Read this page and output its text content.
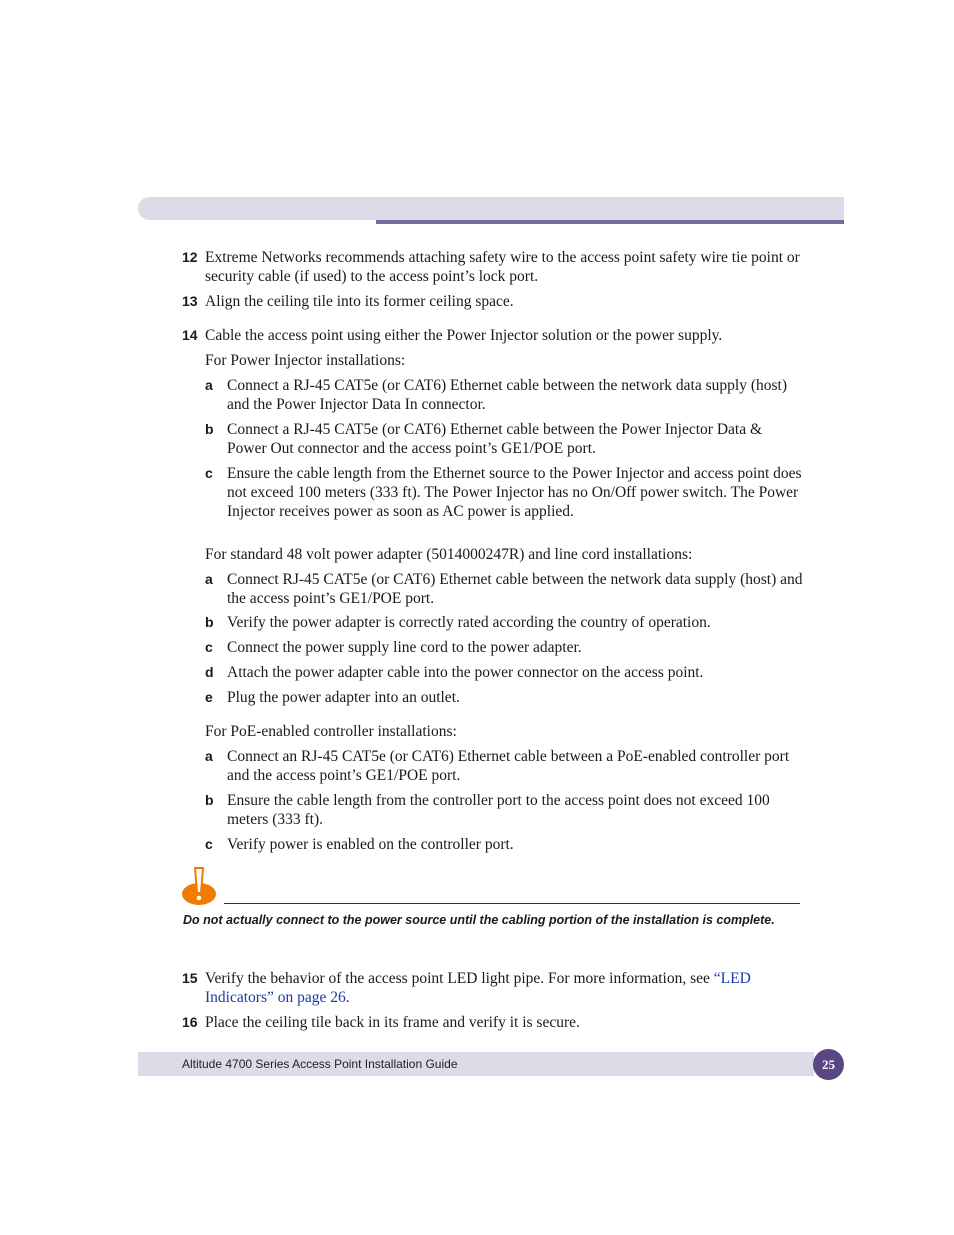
12 Extreme Networks recommends attaching safety wire to the access point safety wire tie point or security cable (if used) to the access point’s lock port.
13 Align the ceiling tile into its former ceiling space.
14 Cable the access point using either the Power Injector solution or the power supply.
For Power Injector installations:
a Connect a RJ-45 CAT5e (or CAT6) Ethernet cable between the network data supply (host) and the Power Injector Data In connector.
b Connect a RJ-45 CAT5e (or CAT6) Ethernet cable between the Power Injector Data & Power Out connector and the access point’s GE1/POE port.
c Ensure the cable length from the Ethernet source to the Power Injector and access point does not exceed 100 meters (333 ft). The Power Injector has no On/Off power switch. The Power Injector receives power as soon as AC power is applied.
For standard 48 volt power adapter (5014000247R) and line cord installations:
a Connect RJ-45 CAT5e (or CAT6) Ethernet cable between the network data supply (host) and the access point’s GE1/POE port.
b Verify the power adapter is correctly rated according the country of operation.
c Connect the power supply line cord to the power adapter.
d Attach the power adapter cable into the power connector on the access point.
e Plug the power adapter into an outlet.
For PoE-enabled controller installations:
a Connect an RJ-45 CAT5e (or CAT6) Ethernet cable between a PoE-enabled controller port and the access point’s GE1/POE port.
b Ensure the cable length from the controller port to the access point does not exceed 100 meters (333 ft).
c Verify power is enabled on the controller port.
Do not actually connect to the power source until the cabling portion of the installation is complete.
15 Verify the behavior of the access point LED light pipe. For more information, see “LED Indicators” on page 26.
16 Place the ceiling tile back in its frame and verify it is secure.
Altitude 4700 Series Access Point Installation Guide	25
